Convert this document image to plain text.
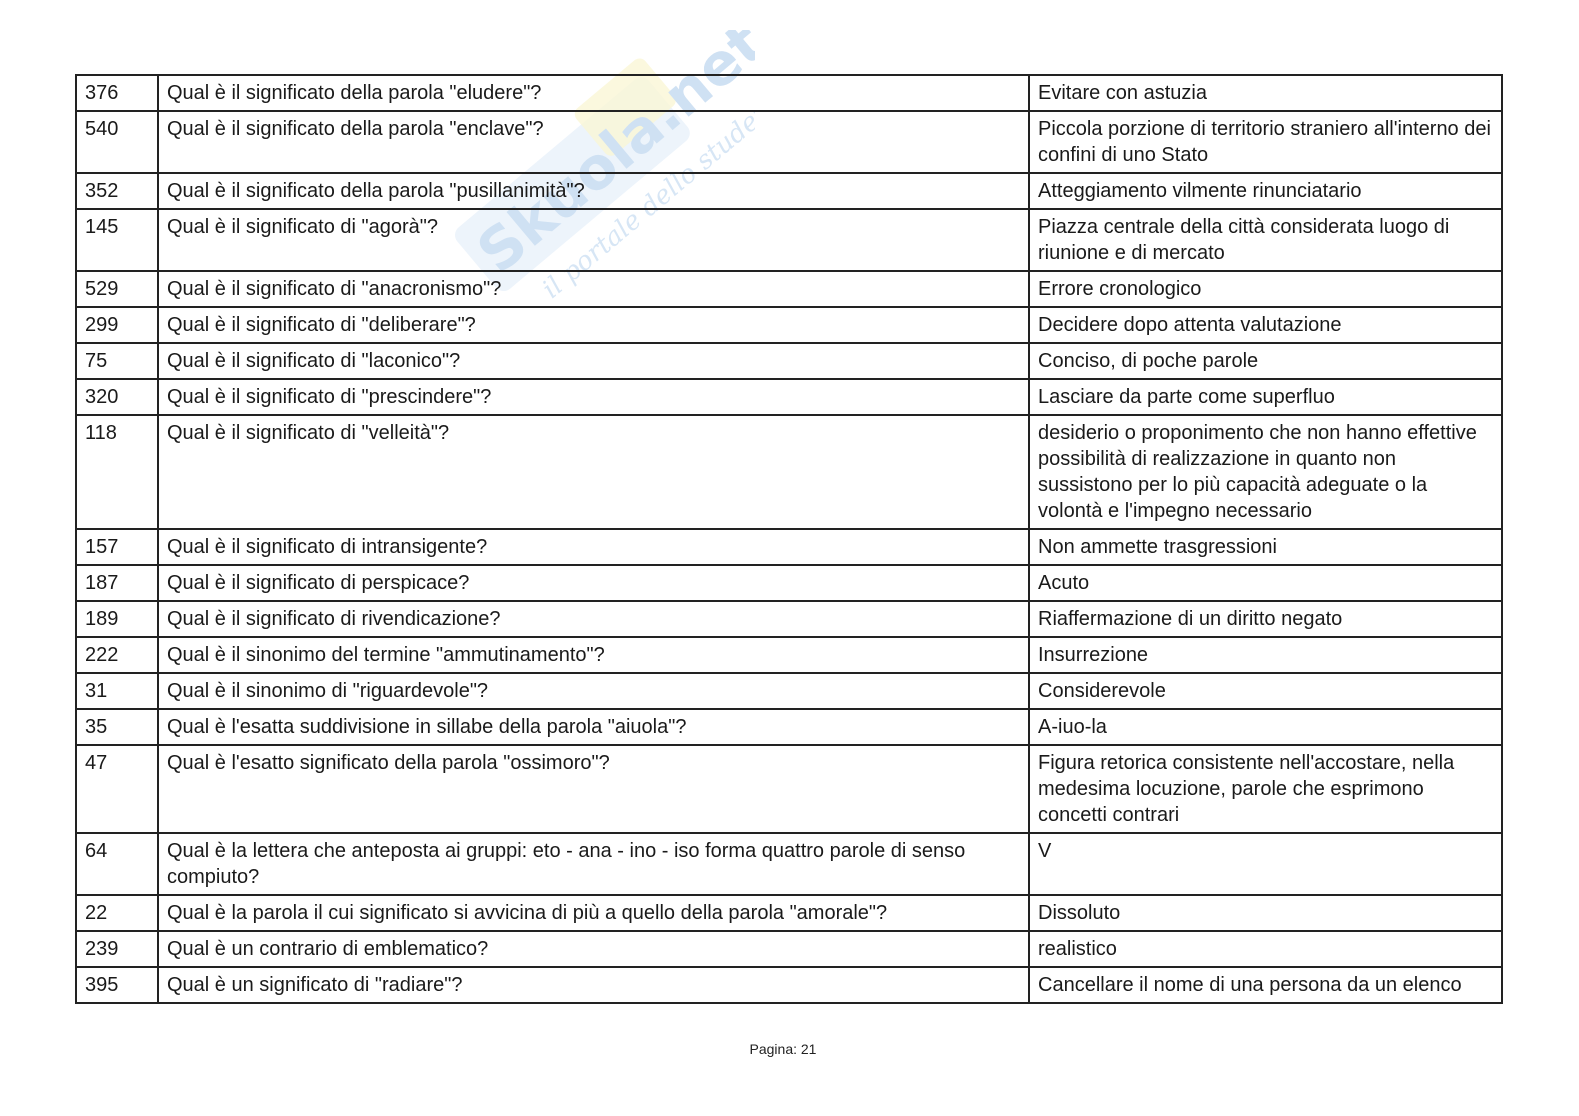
Skuola.net
il portale dello studente
376	Qual è il significato della parola "eludere"?	Evitare con astuzia
540	Qual è il significato della parola "enclave"?	Piccola porzione di territorio straniero all'interno dei confini di uno Stato
352	Qual è il significato della parola "pusillanimità"?	Atteggiamento vilmente rinunciatario
145	Qual è il significato di "agorà"?	Piazza centrale della città considerata luogo di riunione e di mercato
529	Qual è il significato di "anacronismo"?	Errore cronologico
299	Qual è il significato di "deliberare"?	Decidere dopo attenta valutazione
75	Qual è il significato di "laconico"?	Conciso, di poche parole
320	Qual è il significato di "prescindere"?	Lasciare da parte come superfluo
118	Qual è il significato di "velleità"?	desiderio o proponimento che non hanno effettive possibilità di realizzazione in quanto non sussistono per lo più capacità adeguate o la volontà e l'impegno necessario
157	Qual è il significato di intransigente?	Non ammette trasgressioni
187	Qual è il significato di perspicace?	Acuto
189	Qual è il significato di rivendicazione?	Riaffermazione di un diritto negato
222	Qual è il sinonimo del termine "ammutinamento"?	Insurrezione
31	Qual è il sinonimo di "riguardevole"?	Considerevole
35	Qual è l'esatta suddivisione in sillabe della parola "aiuola"?	A-iuo-la
47	Qual è l'esatto significato della parola "ossimoro"?	Figura retorica consistente nell'accostare, nella medesima locuzione, parole che esprimono concetti contrari
64	Qual è la lettera che anteposta ai gruppi: eto - ana - ino - iso forma quattro parole di senso compiuto?	V
22	Qual è la parola il cui significato si avvicina di più a quello della parola "amorale"?	Dissoluto
239	Qual è un contrario di emblematico?	realistico
395	Qual è un significato di "radiare"?	Cancellare il nome di una persona da un elenco
Pagina: 21
